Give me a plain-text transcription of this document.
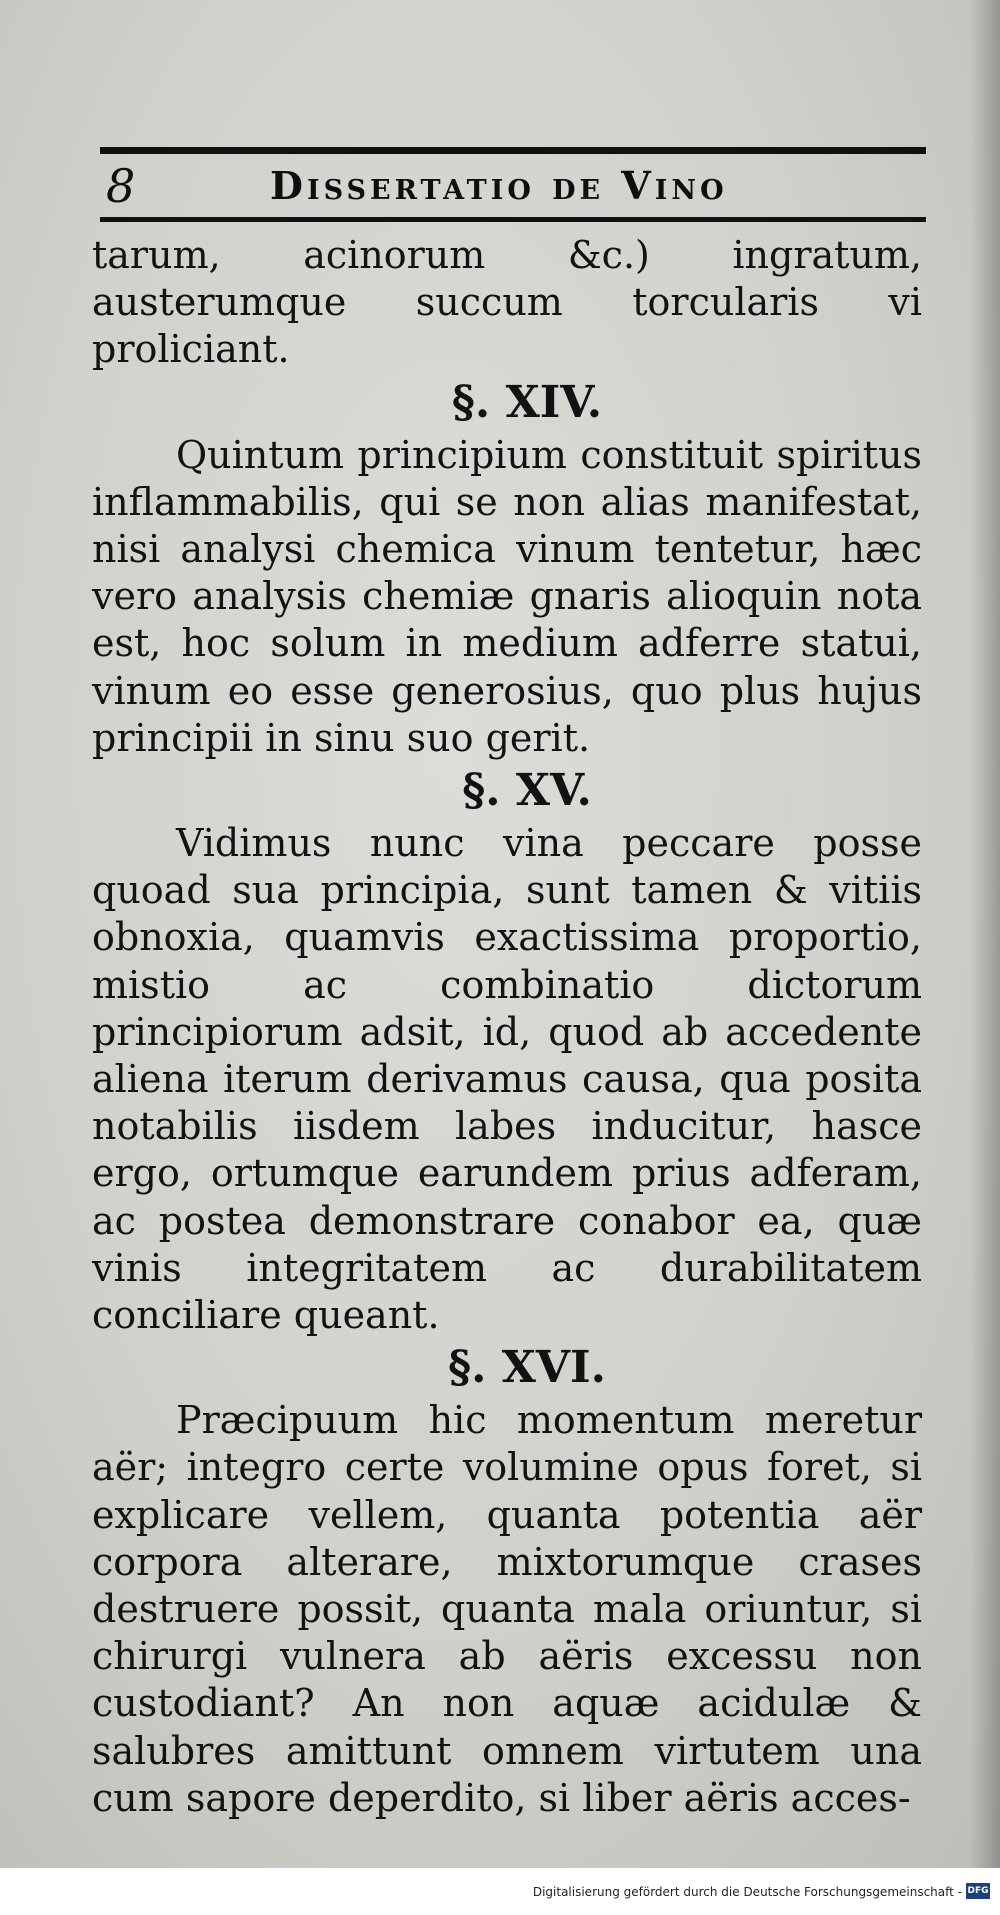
8	Dissertatio de Vino

tarum, acinorum &c.) ingratum, austerumque succum torcularis vi proliciant.

§. XIV.

Quintum principium constituit spiritus inflammabilis, qui se non alias manifestat, nisi analysi chemica vinum tentetur, hæc vero analysis chemiæ gnaris alioquin nota est, hoc solum in medium adferre statui, vinum eo esse generosius, quo plus hujus principii in sinu suo gerit.

§. XV.

Vidimus nunc vina peccare posse quoad sua principia, sunt tamen & vitiis obnoxia, quamvis exactissima proportio, mistio ac combinatio dictorum principiorum adsit, id, quod ab accedente aliena iterum derivamus causa, qua posita notabilis iisdem labes inducitur, hasce ergo, ortumque earundem prius adferam, ac postea demonstrare conabor ea, quæ vinis integritatem ac durabilitatem conciliare queant.

§. XVI.

Præcipuum hic momentum meretur aër; integro certe volumine opus foret, si explicare vellem, quanta potentia aër corpora alterare, mixtorumque crases destruere possit, quanta mala oriuntur, si chirurgi vulnera ab aëris excessu non custodiant? An non aquæ acidulæ & salubres amittunt omnem virtutem una cum sapore deperdito, si liber aëris acces-

Digitalisierung gefördert durch die Deutsche Forschungsgemeinschaft - DFG
